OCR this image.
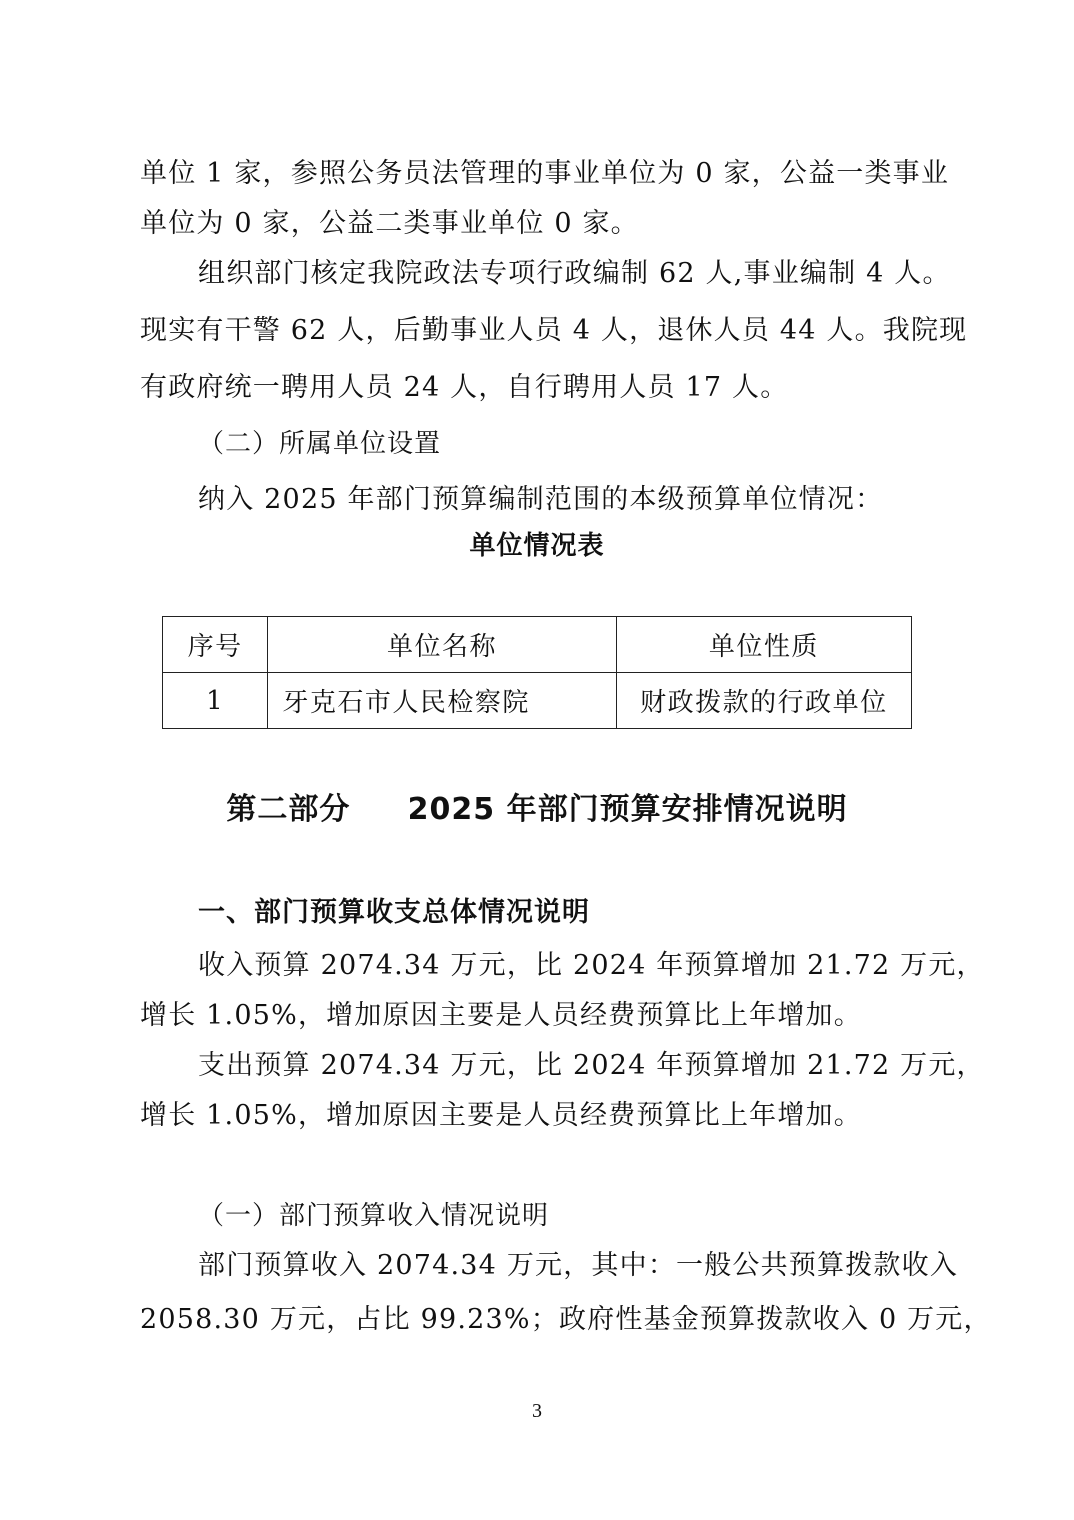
单位 1 家，参照公务员法管理的事业单位为 0 家，公益一类事业
单位为 0 家，公益二类事业单位 0 家。
组织部门核定我院政法专项行政编制 62 人,事业编制 4 人。
现实有干警 62 人，后勤事业人员 4 人，退休人员 44 人。我院现
有政府统一聘用人员 24 人，自行聘用人员 17 人。
（二）所属单位设置
纳入 2025 年部门预算编制范围的本级预算单位情况：
单位情况表
序号	单位名称	单位性质
1	牙克石市人民检察院	财政拨款的行政单位
第二部分     2025 年部门预算安排情况说明
一、部门预算收支总体情况说明
收入预算 2074.34 万元，比 2024 年预算增加 21.72 万元，
增长 1.05%，增加原因主要是人员经费预算比上年增加。
支出预算 2074.34 万元，比 2024 年预算增加 21.72 万元，
增长 1.05%，增加原因主要是人员经费预算比上年增加。
（一）部门预算收入情况说明
部门预算收入 2074.34 万元，其中：一般公共预算拨款收入
2058.30 万元，占比 99.23%；政府性基金预算拨款收入 0 万元，
3
